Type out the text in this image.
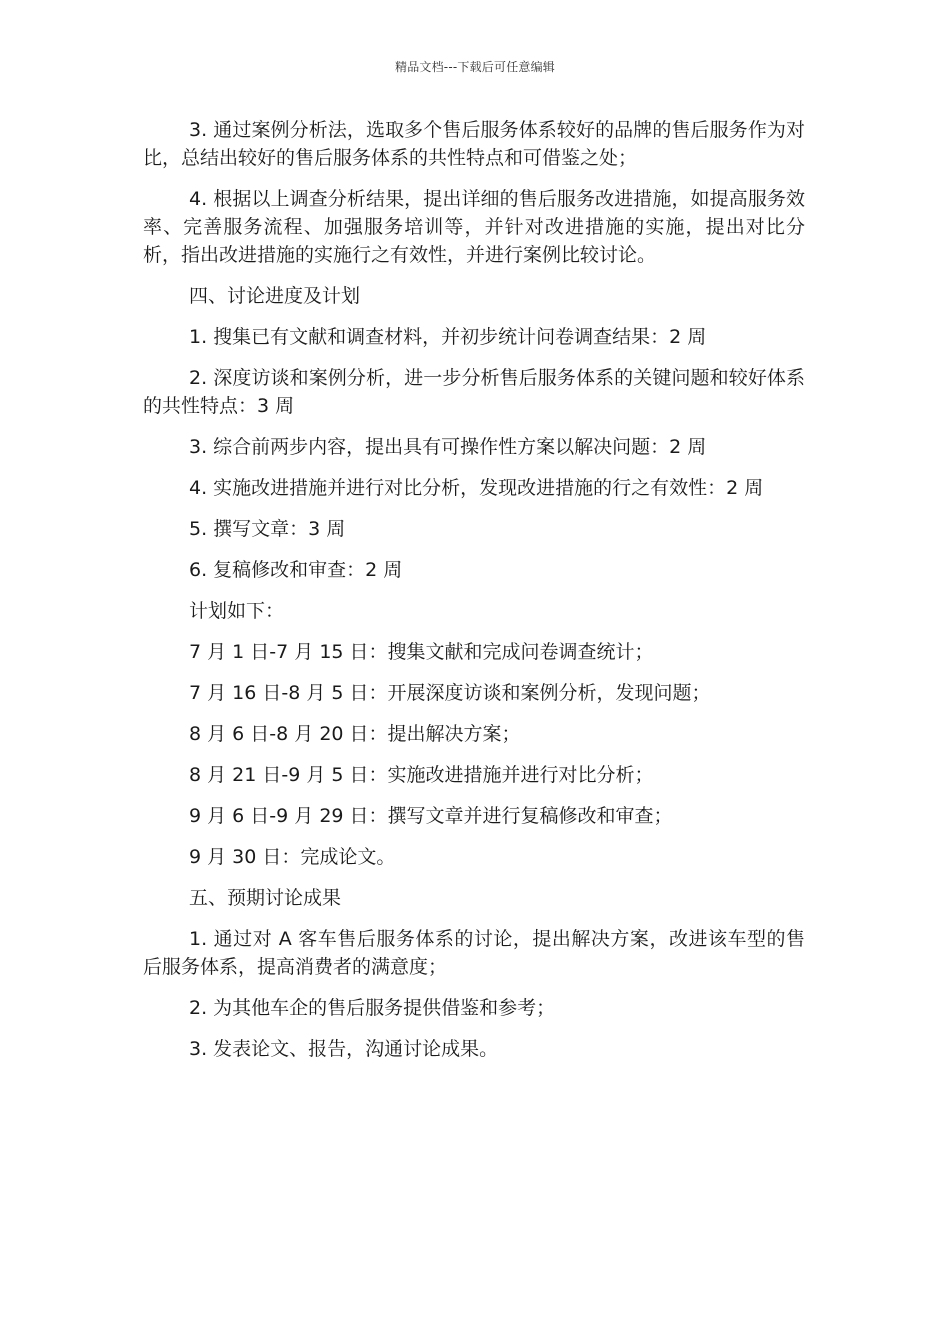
精品文档---下载后可任意编辑

3. 通过案例分析法，选取多个售后服务体系较好的品牌的售后服务作为对比，总结出较好的售后服务体系的共性特点和可借鉴之处；

4. 根据以上调查分析结果，提出详细的售后服务改进措施，如提高服务效率、完善服务流程、加强服务培训等，并针对改进措施的实施，提出对比分析，指出改进措施的实施行之有效性，并进行案例比较讨论。

四、讨论进度及计划

1. 搜集已有文献和调查材料，并初步统计问卷调查结果：2 周

2. 深度访谈和案例分析，进一步分析售后服务体系的关键问题和较好体系的共性特点：3 周

3. 综合前两步内容，提出具有可操作性方案以解决问题：2 周

4. 实施改进措施并进行对比分析，发现改进措施的行之有效性：2 周

5. 撰写文章：3 周

6. 复稿修改和审查：2 周

计划如下：

7 月 1 日-7 月 15 日：搜集文献和完成问卷调查统计；

7 月 16 日-8 月 5 日：开展深度访谈和案例分析，发现问题；

8 月 6 日-8 月 20 日：提出解决方案；

8 月 21 日-9 月 5 日：实施改进措施并进行对比分析；

9 月 6 日-9 月 29 日：撰写文章并进行复稿修改和审查；

9 月 30 日：完成论文。

五、预期讨论成果

1. 通过对 A 客车售后服务体系的讨论，提出解决方案，改进该车型的售后服务体系，提高消费者的满意度；

2. 为其他车企的售后服务提供借鉴和参考；

3. 发表论文、报告，沟通讨论成果。
